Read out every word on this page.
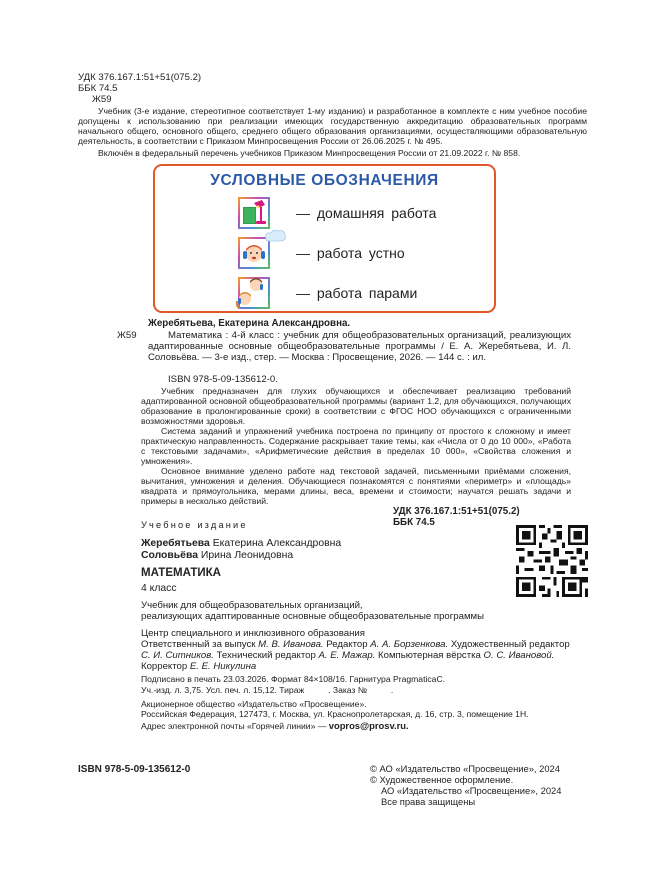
УДК 376.167.1:51+51(075.2)
ББК 74.5
Ж59
Учебник (3-е издание, стереотипное соответствует 1-му изданию) и разработанное в комплекте с ним учебное пособие допущены к использованию при реализации имеющих государственную аккредитацию образовательных программ начального общего, основного общего, среднего общего образования организациями, осуществляющими образовательную деятельность, в соответствии с Приказом Минпросвещения России от 26.06.2025 г. № 495.
Включён в федеральный перечень учебников Приказом Минпросвещения России от 21.09.2022 г. № 858.
УСЛОВНЫЕ ОБОЗНАЧЕНИЯ
— домашняя работа
— работа устно
— работа парами
Жеребятьева, Екатерина Александровна.
Ж59	Математика : 4-й класс : учебник для общеобразовательных организаций, реализующих адаптированные основные общеобразовательные программы / Е. А. Жеребятьева, И. Л. Соловьёва. — 3-е изд., стер. — Москва : Просвещение, 2026. — 144 с. : ил.
ISBN 978-5-09-135612-0.
Учебник предназначен для глухих обучающихся и обеспечивает реализацию требований адаптированной основной общеобразовательной программы (вариант 1.2, для обучающихся, получающих образование в пролонгированные сроки) в соответствии с ФГОС НОО обучающихся с ограниченными возможностями здоровья.
Система заданий и упражнений учебника построена по принципу от простого к сложному и имеет практическую направленность. Содержание раскрывает такие темы, как «Числа от 0 до 10 000», «Работа с текстовыми задачами», «Арифметические действия в пределах 10 000», «Свойства сложения и умножения».
Основное внимание уделено работе над текстовой задачей, письменными приёмами сложения, вычитания, умножения и деления. Обучающиеся познакомятся с понятиями «периметр» и «площадь» квадрата и прямоугольника, мерами длины, веса, времени и стоимости; научатся решать задачи и примеры в несколько действий.
УДК 376.167.1:51+51(075.2)
ББК 74.5
Учебное издание
Жеребятьева Екатерина Александровна
Соловьёва Ирина Леонидовна
МАТЕМАТИКА
4 класс
Учебник для общеобразовательных организаций,
реализующих адаптированные основные общеобразовательные программы
Центр специального и инклюзивного образования
Ответственный за выпуск М. В. Иванова. Редактор А. А. Борзенкова. Художественный редактор С. И. Ситников. Технический редактор А. Е. Мажар. Компьютерная вёрстка О. С. Ивановой. Корректор Е. Е. Никулина
Подписано в печать 23.03.2026. Формат 84×108/16. Гарнитура PragmaticaC.
Уч.-изд. л. 3,75. Усл. печ. л. 15,12. Тираж          . Заказ №          .
Акционерное общество «Издательство «Просвещение».
Российская Федерация, 127473, г. Москва, ул. Краснопролетарская, д. 16, стр. 3, помещение 1Н.
Адрес электронной почты «Горячей линии» — vopros@prosv.ru.
ISBN 978-5-09-135612-0	© АО «Издательство «Просвещение», 2024
© Художественное оформление.
АО «Издательство «Просвещение», 2024
Все права защищены
